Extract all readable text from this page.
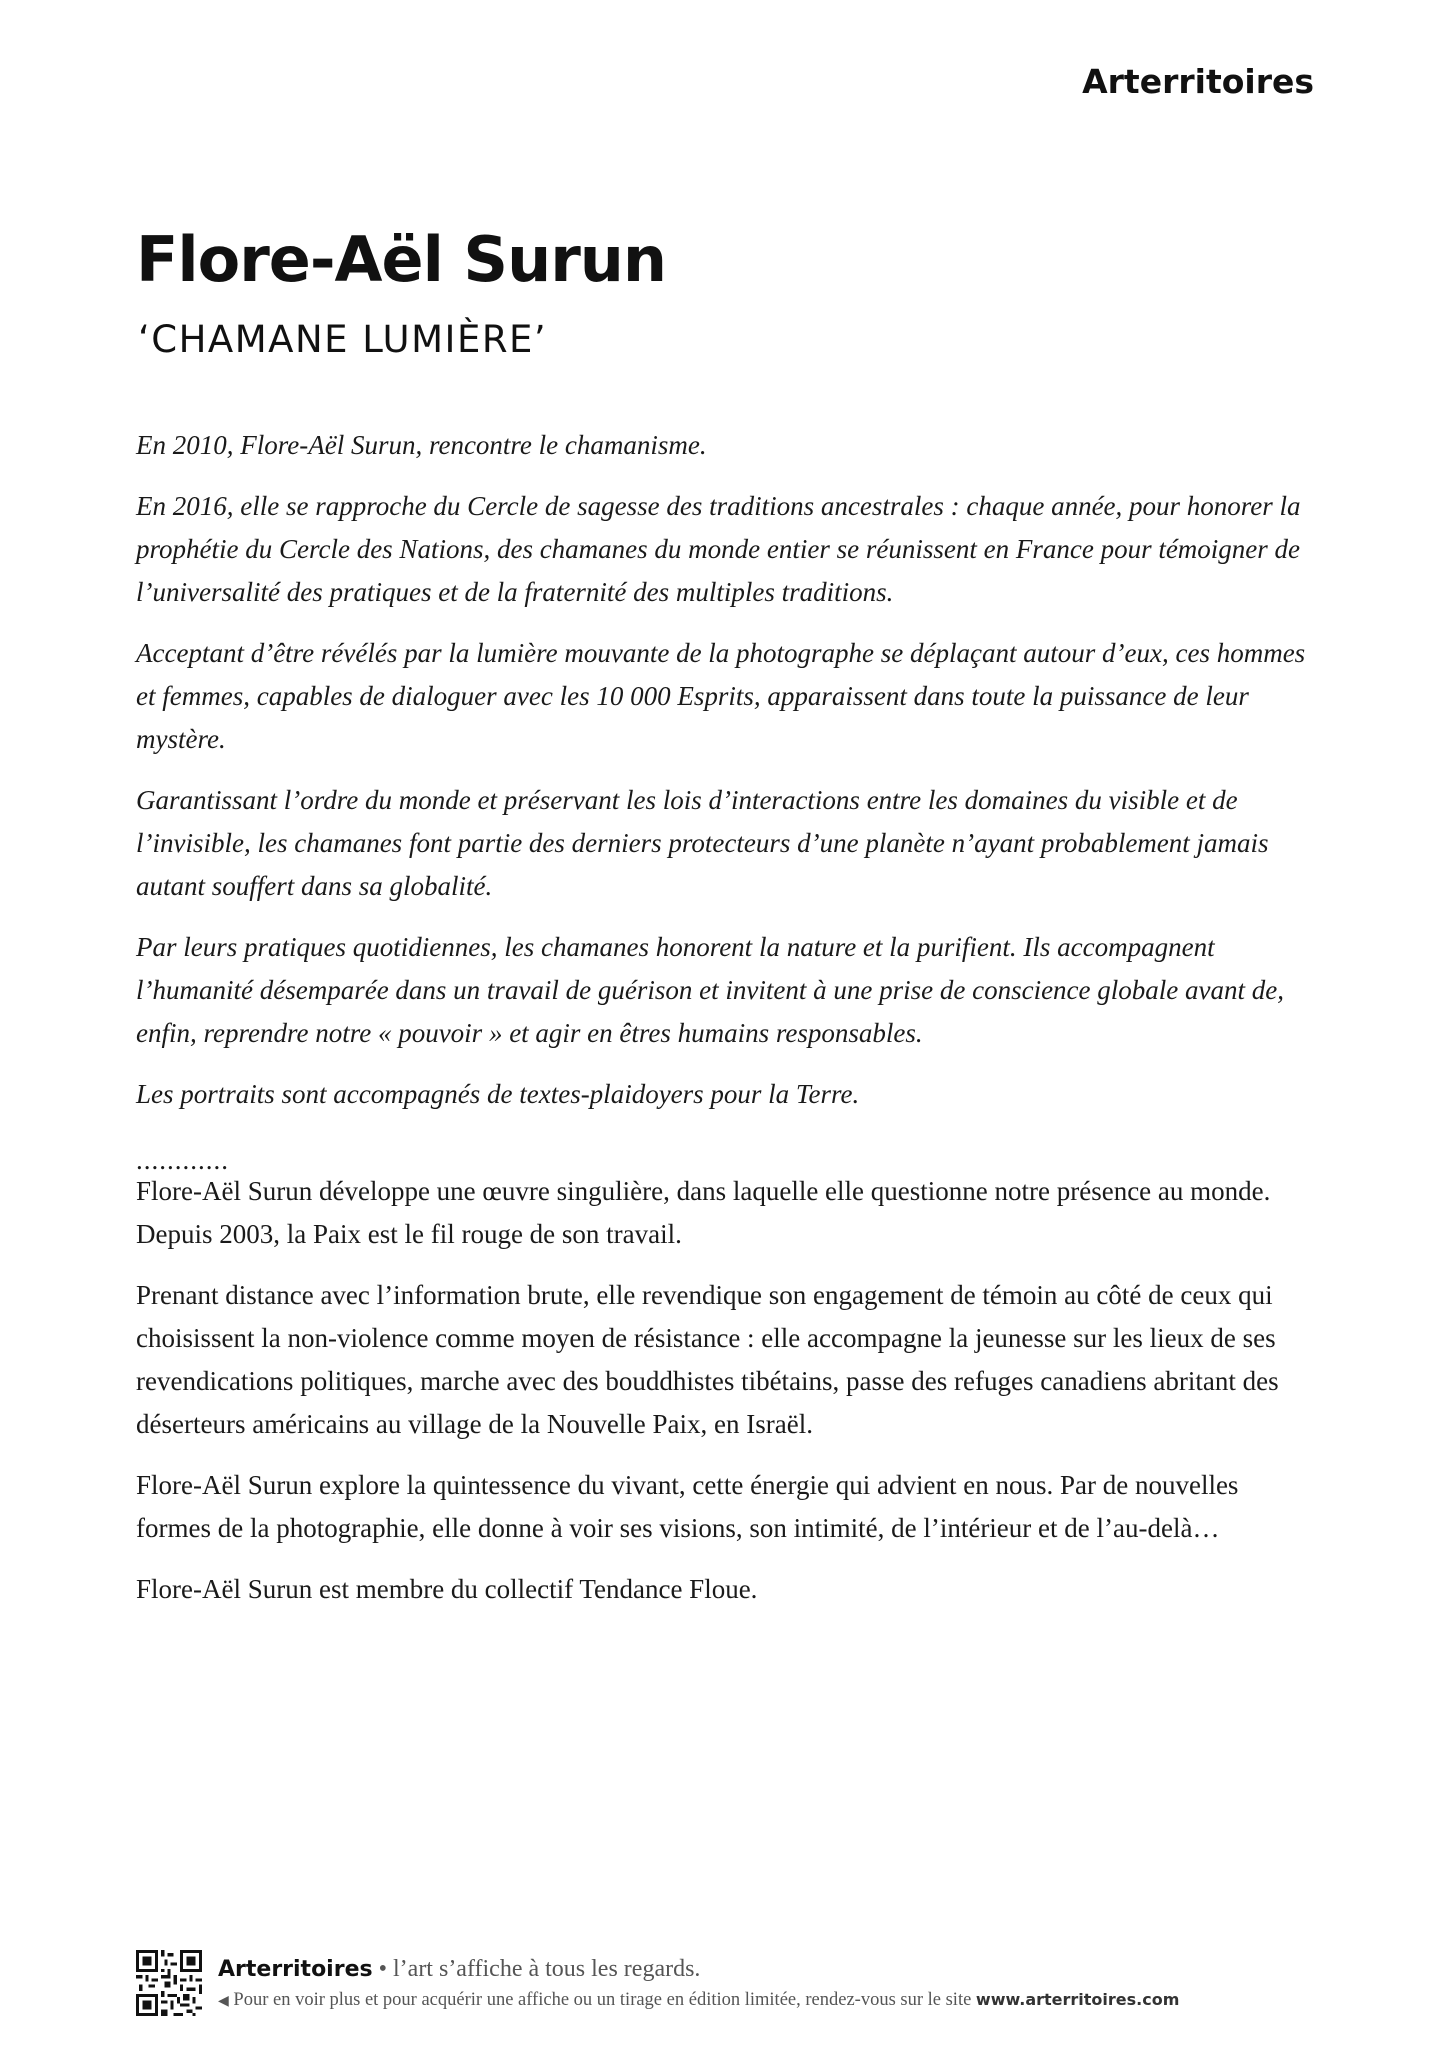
Arterritoires
Flore-Aël Surun
‘CHAMANE LUMIÈRE’

En 2010, Flore-Aël Surun, rencontre le chamanisme.

En 2016, elle se rapproche du Cercle de sagesse des traditions ancestrales : chaque année, pour honorer la prophétie du Cercle des Nations, des chamanes du monde entier se réunissent en France pour témoigner de l’universalité des pratiques et de la fraternité des multiples traditions.

Acceptant d’être révélés par la lumière mouvante de la photographe se déplaçant autour d’eux, ces hommes et femmes, capables de dialoguer avec les 10 000 Esprits, apparaissent dans toute la puissance de leur mystère.

Garantissant l’ordre du monde et préservant les lois d’interactions entre les domaines du visible et de l’invisible, les chamanes font partie des derniers protecteurs d’une planète n’ayant probablement jamais autant souffert dans sa globalité.

Par leurs pratiques quotidiennes, les chamanes honorent la nature et la purifient. Ils accompagnent l’humanité désemparée dans un travail de guérison et invitent à une prise de conscience globale avant de, enfin, reprendre notre « pouvoir » et agir en êtres humains responsables.

Les portraits sont accompagnés de textes-plaidoyers pour la Terre.

............

Flore-Aël Surun développe une œuvre singulière, dans laquelle elle questionne notre présence au monde. Depuis 2003, la Paix est le fil rouge de son travail.

Prenant distance avec l’information brute, elle revendique son engagement de témoin au côté de ceux qui choisissent la non-violence comme moyen de résistance : elle accompagne la jeunesse sur les lieux de ses revendications politiques, marche avec des bouddhistes tibétains, passe des refuges canadiens abritant des déserteurs américains au village de la Nouvelle Paix, en Israël.

Flore-Aël Surun explore la quintessence du vivant, cette énergie qui advient en nous. Par de nouvelles formes de la photographie, elle donne à voir ses visions, son intimité, de l’intérieur et de l’au-delà…

Flore-Aël Surun est membre du collectif Tendance Floue.

Arterritoires • l’art s’affiche à tous les regards.
◀ Pour en voir plus et pour acquérir une affiche ou un tirage en édition limitée, rendez-vous sur le site www.arterritoires.com
